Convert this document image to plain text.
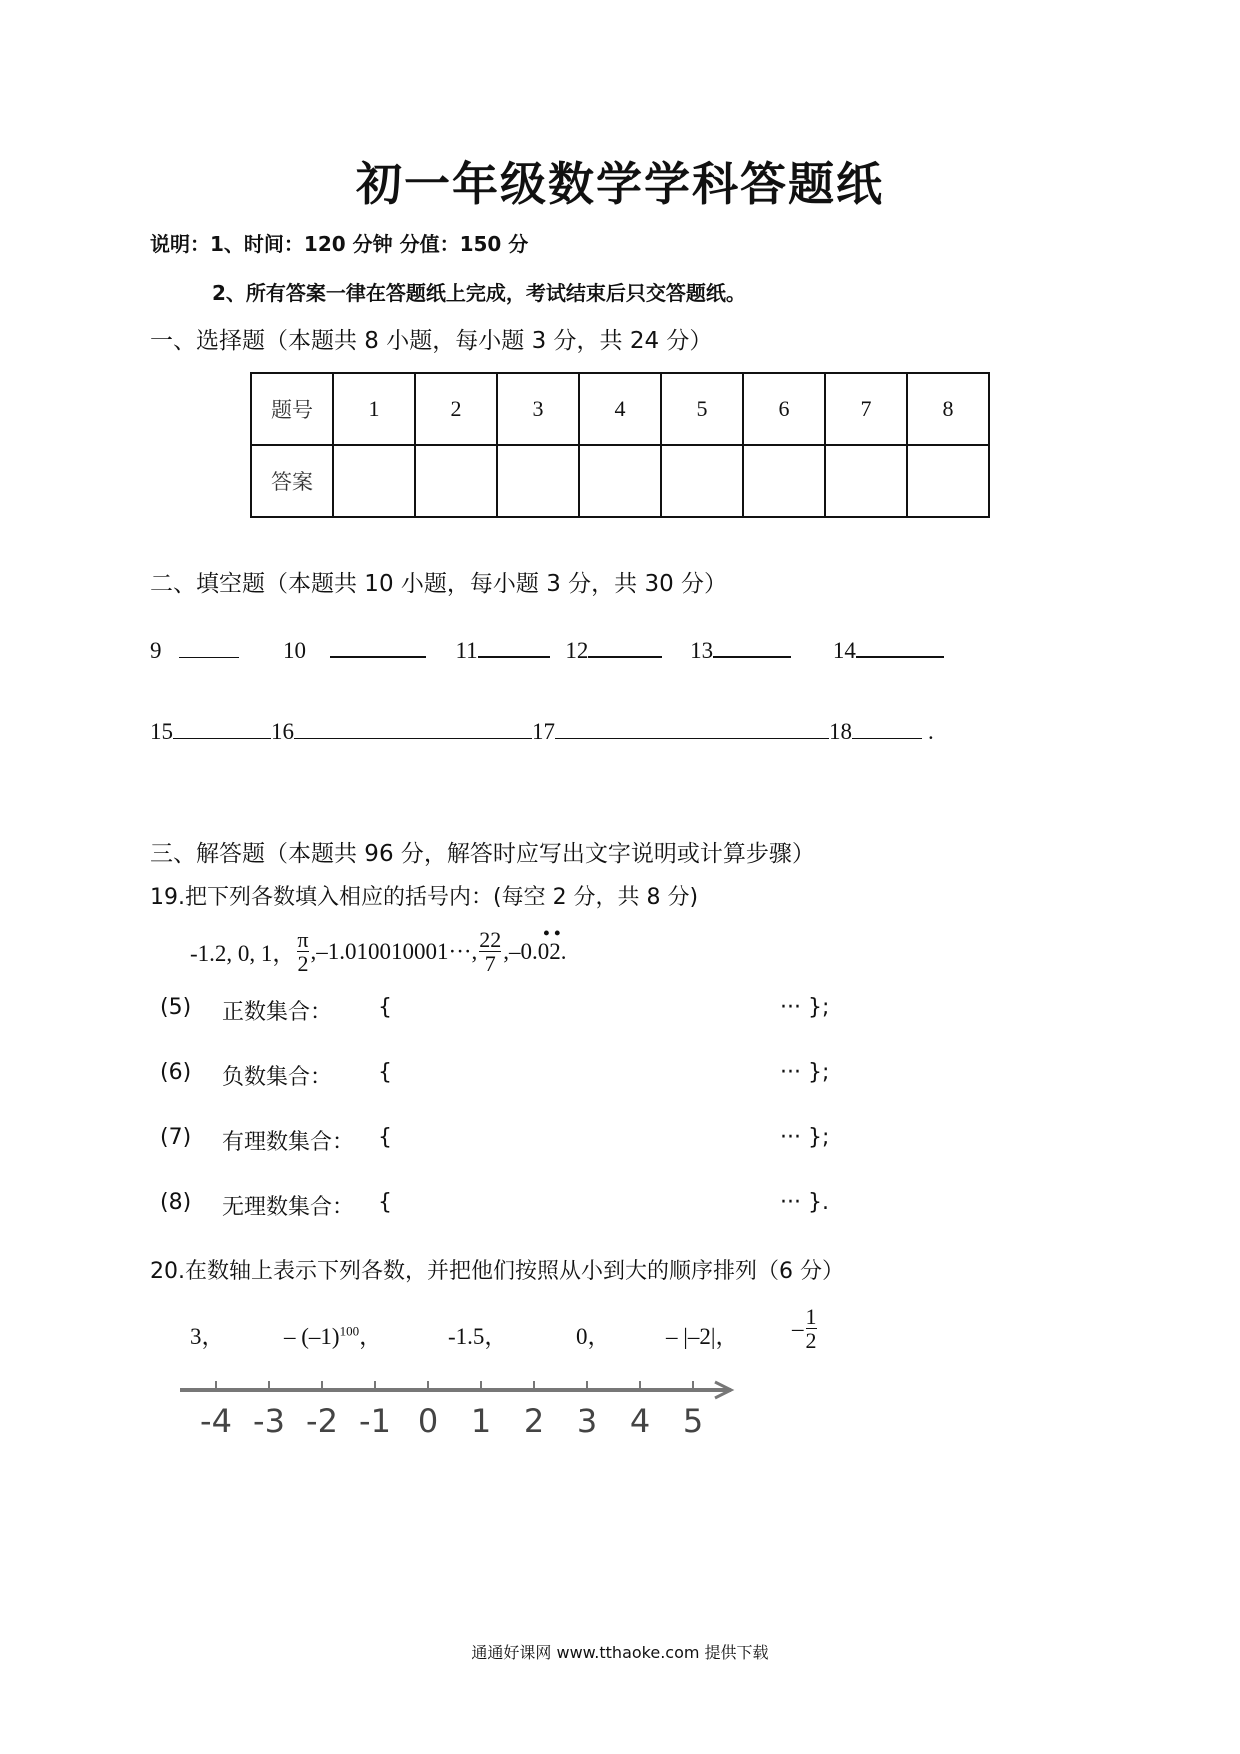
初一年级数学学科答题纸
说明：1、时间：120 分钟 分值：150 分
2、所有答案一律在答题纸上完成，考试结束后只交答题纸。
一、选择题（本题共 8 小题，每小题 3 分，共 24 分）
题号	1	2	3	4	5	6	7	8
答案								
二、填空题（本题共 10 小题，每小题 3 分，共 30 分）
9	10	11	12	13	14
15	16	17	18	.
三、解答题（本题共 96 分，解答时应写出文字说明或计算步骤）
19.把下列各数填入相应的括号内：(每空 2 分，共 8 分)
-1.2, 0, 1， $\frac{\pi}{2} ,-1.010010001\cdot\cdot\cdot$, $\frac{22}{7} ,-0.02$.
• •
(5) 正数集合： {	··· };
(6) 负数集合： {	··· };
(7) 有理数集合： {	··· };
(8) 无理数集合： {	··· }.
20.在数轴上表示下列各数，并把他们按照从小到大的顺序排列（6 分）
3，	– $(-1)^{100}$，	-1.5，	0， – |–2|， – $\frac{1}{2}$
-4 -3 -2 -1 0 1 2 3 4 5
通通好课网 www.tthaoke.com 提供下载
